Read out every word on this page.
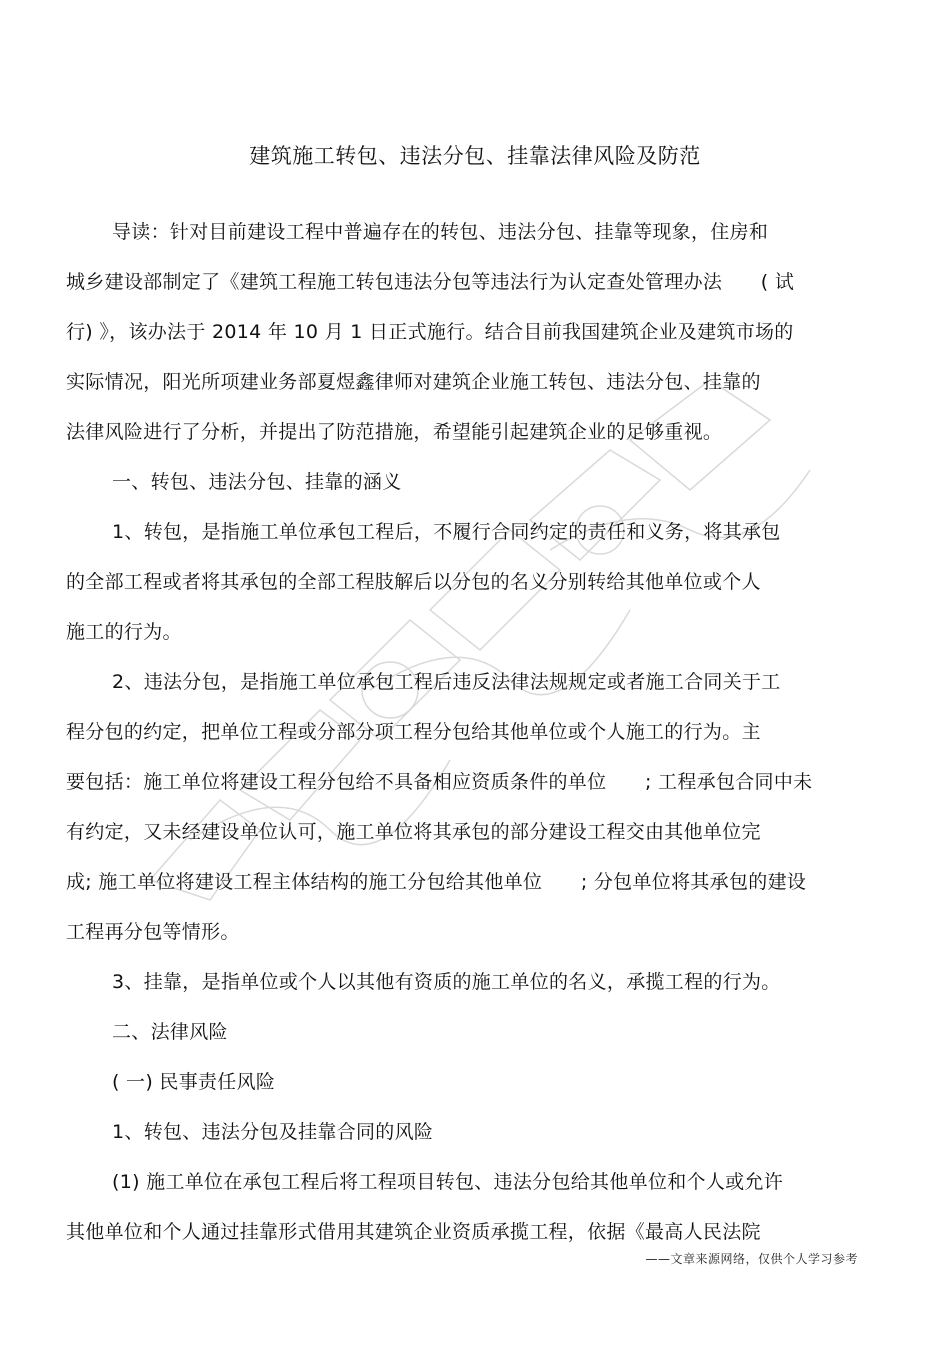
建筑施工转包、违法分包、挂靠法律风险及防范
导读：针对目前建设工程中普遍存在的转包、违法分包、挂靠等现象，住房和
城乡建设部制定了《建筑工程施工转包违法分包等违法行为认定查处管理办法　　( 试
行) 》，该办法于 2014 年 10 月 1 日正式施行。结合目前我国建筑企业及建筑市场的
实际情况，阳光所项建业务部夏煜鑫律师对建筑企业施工转包、违法分包、挂靠的
法律风险进行了分析，并提出了防范措施，希望能引起建筑企业的足够重视。
一、转包、违法分包、挂靠的涵义
1、转包，是指施工单位承包工程后，不履行合同约定的责任和义务，将其承包
的全部工程或者将其承包的全部工程肢解后以分包的名义分别转给其他单位或个人
施工的行为。
2、违法分包，是指施工单位承包工程后违反法律法规规定或者施工合同关于工
程分包的约定，把单位工程或分部分项工程分包给其他单位或个人施工的行为。主
要包括：施工单位将建设工程分包给不具备相应资质条件的单位　　; 工程承包合同中未
有约定，又未经建设单位认可，施工单位将其承包的部分建设工程交由其他单位完
成; 施工单位将建设工程主体结构的施工分包给其他单位　　; 分包单位将其承包的建设
工程再分包等情形。
3、挂靠，是指单位或个人以其他有资质的施工单位的名义，承揽工程的行为。
二、法律风险
( 一) 民事责任风险
1、转包、违法分包及挂靠合同的风险
(1) 施工单位在承包工程后将工程项目转包、违法分包给其他单位和个人或允许
其他单位和个人通过挂靠形式借用其建筑企业资质承揽工程，依据《最高人民法院
——文章来源网络，仅供个人学习参考
